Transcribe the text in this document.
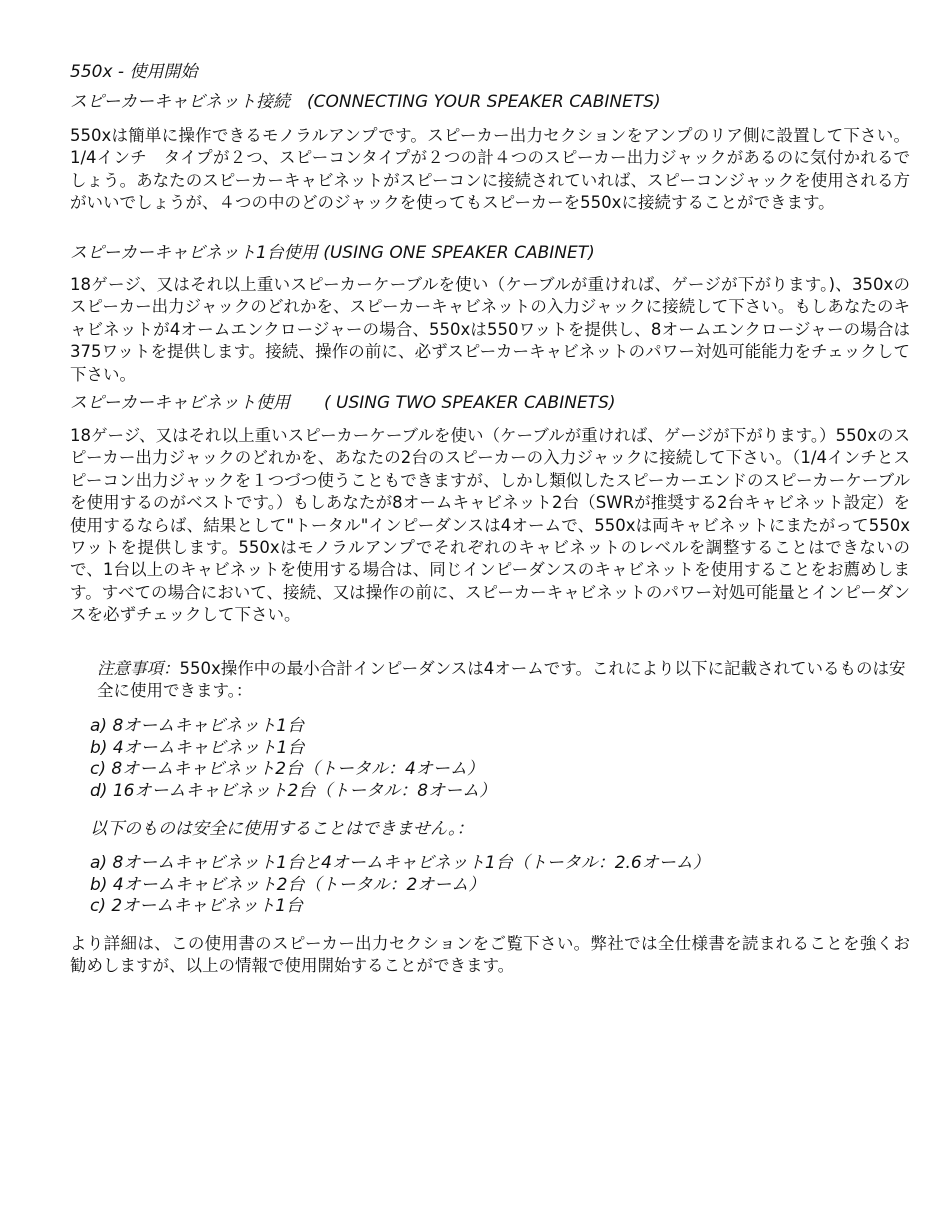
550x - 使用開始
スピーカーキャビネット接続　(CONNECTING YOUR SPEAKER CABINETS)
550xは簡単に操作できるモノラルアンプです。スピーカー出力セクションをアンプのリア側に設置して下さい。1/4インチ　タイプが２つ、スピーコンタイプが２つの計４つのスピーカー出力ジャックがあるのに気付かれるでしょう。あなたのスピーカーキャビネットがスピーコンに接続されていれば、スピーコンジャックを使用される方がいいでしょうが、４つの中のどのジャックを使ってもスピーカーを550xに接続することができます。
スピーカーキャビネット1台使用 (USING ONE SPEAKER CABINET)
18ゲージ、又はそれ以上重いスピーカーケーブルを使い（ケーブルが重ければ、ゲージが下がります。)、350xのスピーカー出力ジャックのどれかを、スピーカーキャビネットの入力ジャックに接続して下さい。もしあなたのキャビネットが4オームエンクロージャーの場合、550xは550ワットを提供し、8オームエンクロージャーの場合は375ワットを提供します。接続、操作の前に、必ずスピーカーキャビネットのパワー対処可能能力をチェックして下さい。
スピーカーキャビネット使用　　( USING TWO SPEAKER CABINETS)
18ゲージ、又はそれ以上重いスピーカーケーブルを使い（ケーブルが重ければ、ゲージが下がります。）550xのスピーカー出力ジャックのどれかを、あなたの2台のスピーカーの入力ジャックに接続して下さい。（1/4インチとスピーコン出力ジャックを１つづつ使うこともできますが、しかし類似したスピーカーエンドのスピーカーケーブルを使用するのがベストです。）もしあなたが8オームキャビネット2台（SWRが推奨する2台キャビネット設定）を使用するならば、結果として"トータル"インピーダンスは4オームで、550xは両キャビネットにまたがって550xワットを提供します。550xはモノラルアンプでそれぞれのキャビネットのレベルを調整することはできないので、1台以上のキャビネットを使用する場合は、同じインピーダンスのキャビネットを使用することをお薦めします。すべての場合において、接続、又は操作の前に、スピーカーキャビネットのパワー対処可能量とインピーダンスを必ずチェックして下さい。
注意事項：550x操作中の最小合計インピーダンスは4オームです。これにより以下に記載されているものは安全に使用できます。：
a) 8オームキャビネット1台
b) 4オームキャビネット1台
c) 8オームキャビネット2台（トータル：4オーム）
d) 16オームキャビネット2台（トータル：8オーム）
以下のものは安全に使用することはできません。：
a) 8オームキャビネット1台と4オームキャビネット1台（トータル：2.6オーム）
b) 4オームキャビネット2台（トータル：2オーム）
c) 2オームキャビネット1台
より詳細は、この使用書のスピーカー出力セクションをご覧下さい。弊社では全仕様書を読まれることを強くお勧めしますが、以上の情報で使用開始することができます。
